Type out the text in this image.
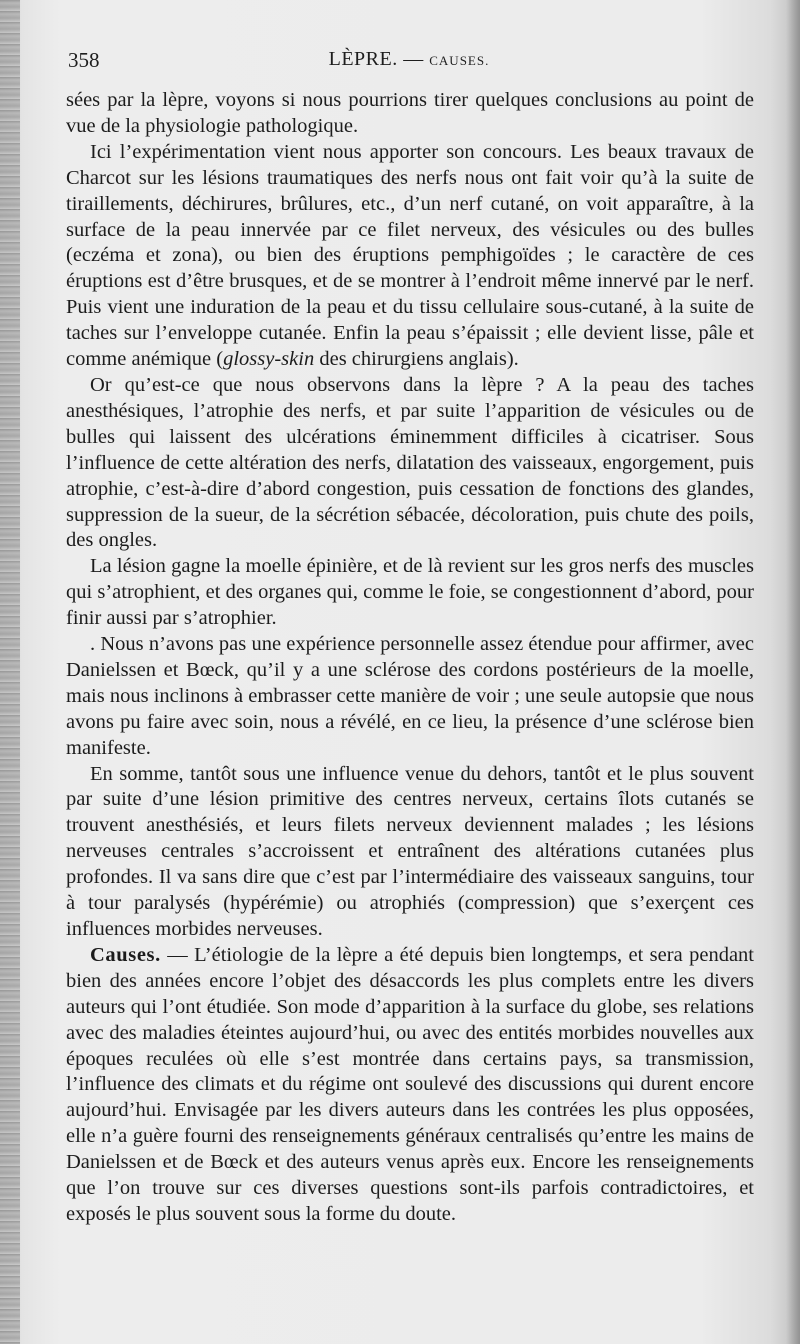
358	LÈPRE. — CAUSES.

sées par la lèpre, voyons si nous pourrions tirer quelques conclusions au point de vue de la physiologie pathologique.

Ici l’expérimentation vient nous apporter son concours. Les beaux travaux de Charcot sur les lésions traumatiques des nerfs nous ont fait voir qu’à la suite de tiraillements, déchirures, brûlures, etc., d’un nerf cutané, on voit apparaître, à la surface de la peau innervée par ce filet nerveux, des vésicules ou des bulles (eczéma et zona), ou bien des éruptions pemphigoïdes ; le caractère de ces éruptions est d’être brusques, et de se montrer à l’endroit même innervé par le nerf. Puis vient une induration de la peau et du tissu cellulaire sous-cutané, à la suite de taches sur l’enveloppe cutanée. Enfin la peau s’épaissit ; elle devient lisse, pâle et comme anémique (glossy-skin des chirurgiens anglais).

Or qu’est-ce que nous observons dans la lèpre ? A la peau des taches anesthésiques, l’atrophie des nerfs, et par suite l’apparition de vésicules ou de bulles qui laissent des ulcérations éminemment difficiles à cicatriser. Sous l’influence de cette altération des nerfs, dilatation des vaisseaux, engorgement, puis atrophie, c’est-à-dire d’abord congestion, puis cessation de fonctions des glandes, suppression de la sueur, de la sécrétion sébacée, décoloration, puis chute des poils, des ongles.

La lésion gagne la moelle épinière, et de là revient sur les gros nerfs des muscles qui s’atrophient, et des organes qui, comme le foie, se congestionnent d’abord, pour finir aussi par s’atrophier.

. Nous n’avons pas une expérience personnelle assez étendue pour affirmer, avec Danielssen et Bœck, qu’il y a une sclérose des cordons postérieurs de la moelle, mais nous inclinons à embrasser cette manière de voir ; une seule autopsie que nous avons pu faire avec soin, nous a révélé, en ce lieu, la présence d’une sclérose bien manifeste.

En somme, tantôt sous une influence venue du dehors, tantôt et le plus souvent par suite d’une lésion primitive des centres nerveux, certains îlots cutanés se trouvent anesthésiés, et leurs filets nerveux deviennent malades ; les lésions nerveuses centrales s’accroissent et entraînent des altérations cutanées plus profondes. Il va sans dire que c’est par l’intermédiaire des vaisseaux sanguins, tour à tour paralysés (hypérémie) ou atrophiés (compression) que s’exerçent ces influences morbides nerveuses.

Causes. — L’étiologie de la lèpre a été depuis bien longtemps, et sera pendant bien des années encore l’objet des désaccords les plus complets entre les divers auteurs qui l’ont étudiée. Son mode d’apparition à la surface du globe, ses relations avec des maladies éteintes aujourd’hui, ou avec des entités morbides nouvelles aux époques reculées où elle s’est montrée dans certains pays, sa transmission, l’influence des climats et du régime ont soulevé des discussions qui durent encore aujourd’hui. Envisagée par les divers auteurs dans les contrées les plus opposées, elle n’a guère fourni des renseignements généraux centralisés qu’entre les mains de Danielssen et de Bœck et des auteurs venus après eux. Encore les renseignements que l’on trouve sur ces diverses questions sont-ils parfois contradictoires, et exposés le plus souvent sous la forme du doute.
